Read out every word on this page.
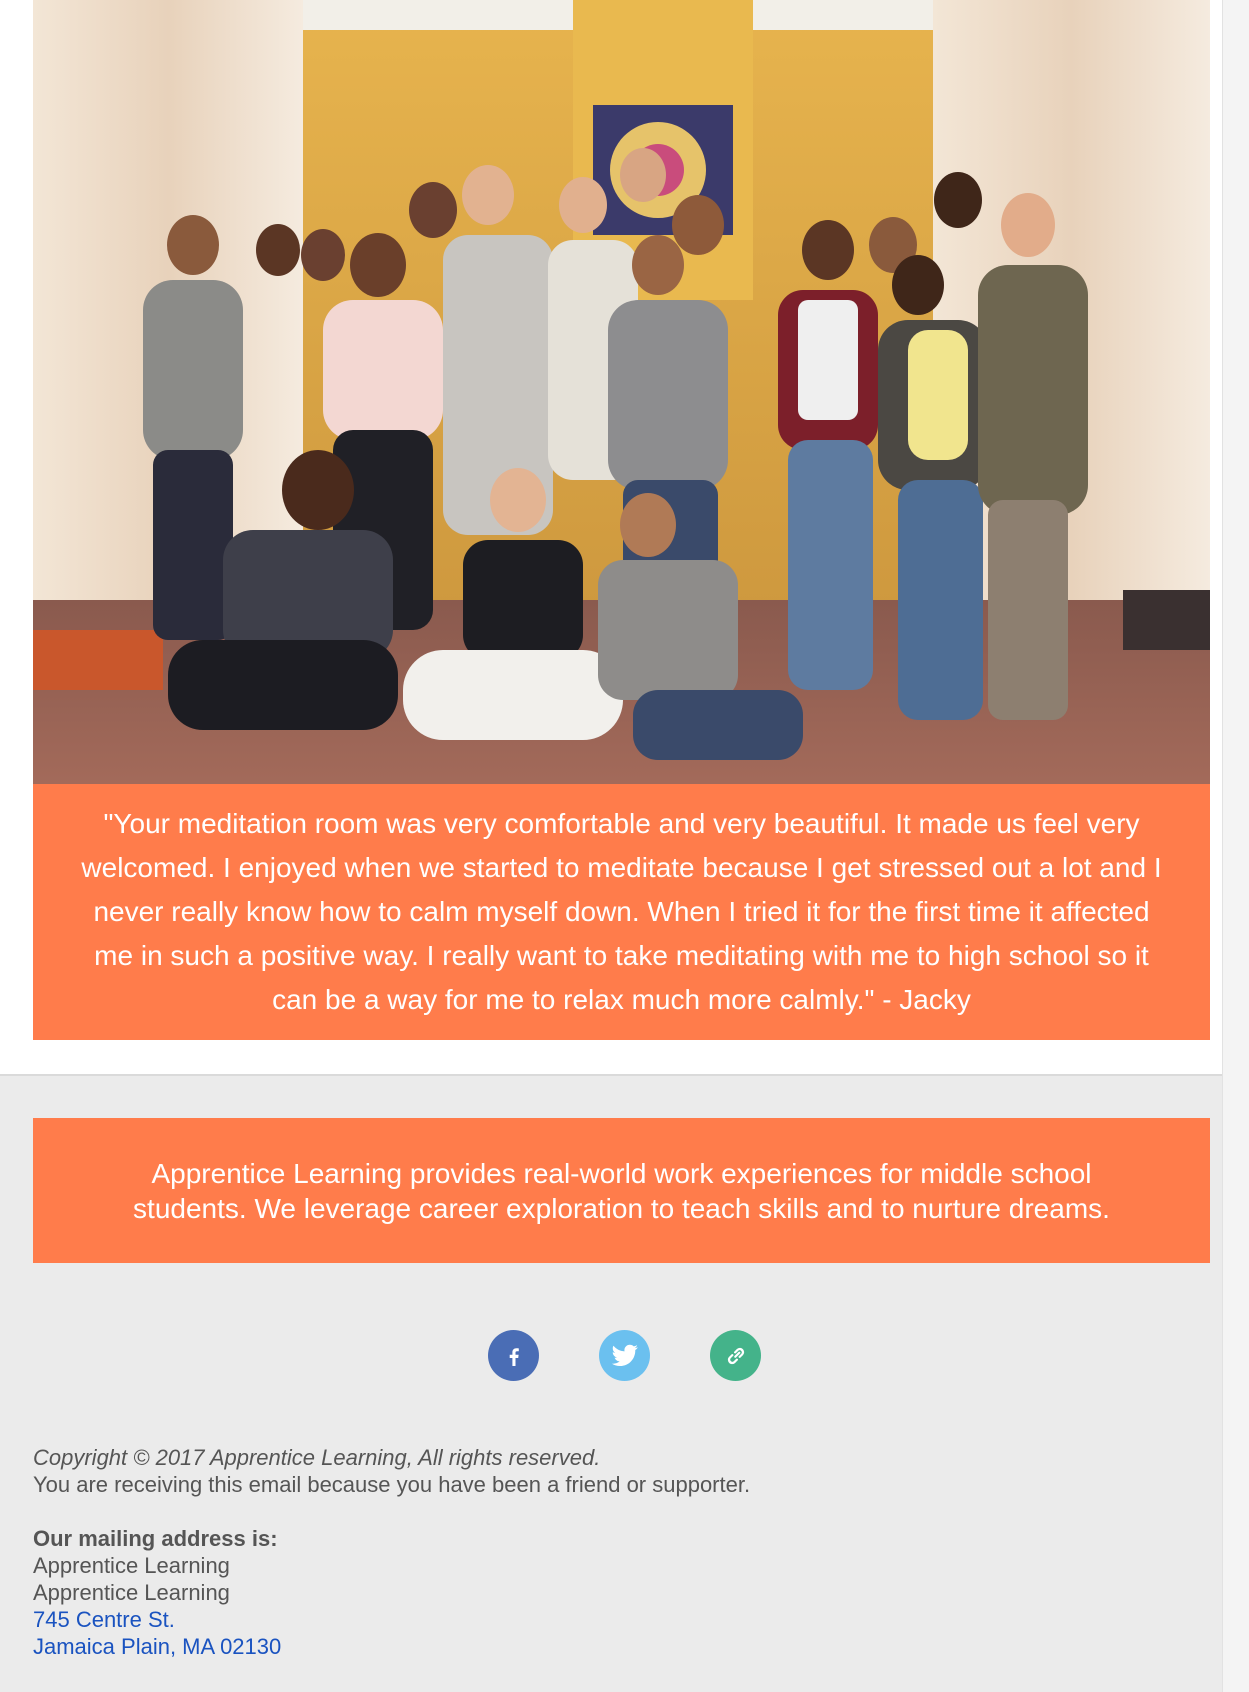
"Your meditation room was very comfortable and very beautiful. It made us feel very welcomed. I enjoyed when we started to meditate because I get stressed out a lot and I never really know how to calm myself down. When I tried it for the first time it affected me in such a positive way. I really want to take meditating with me to high school so it can be a way for me to relax much more calmly." - Jacky

Apprentice Learning provides real-world work experiences for middle school students. We leverage career exploration to teach skills and to nurture dreams.

Copyright © 2017 Apprentice Learning, All rights reserved.

You are receiving this email because you have been a friend or supporter.

Our mailing address is:

Apprentice Learning

Apprentice Learning

745 Centre St.

Jamaica Plain, MA 02130
